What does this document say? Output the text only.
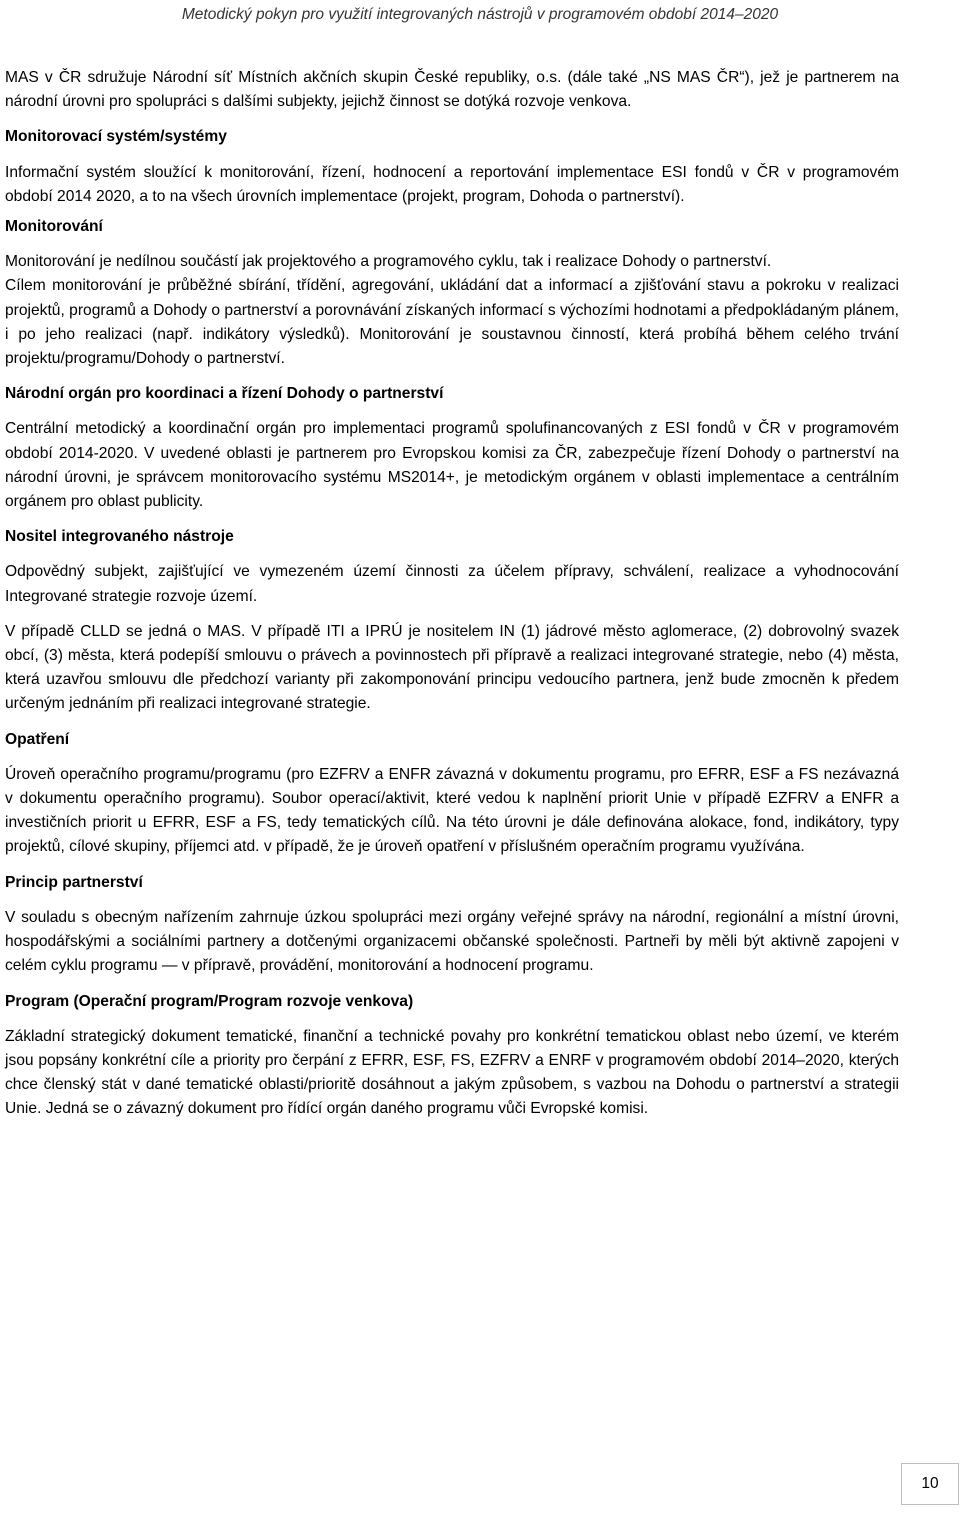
Metodický pokyn pro využití integrovaných nástrojů v programovém období 2014–2020

MAS v ČR sdružuje Národní síť Místních akčních skupin České republiky, o.s. (dále také „NS MAS ČR“), jež je partnerem na národní úrovni pro spolupráci s dalšími subjekty, jejichž činnost se dotýká rozvoje venkova.

Monitorovací systém/systémy

Informační systém sloužící k monitorování, řízení, hodnocení a reportování implementace ESI fondů v ČR v programovém období 2014 2020, a to na všech úrovních implementace (projekt, program, Dohoda o partnerství).

Monitorování

Monitorování je nedílnou součástí jak projektového a programového cyklu, tak i realizace Dohody o partnerství.

Cílem monitorování je průběžné sbírání, třídění, agregování, ukládání dat a informací a zjišťování stavu a pokroku v realizaci projektů, programů a Dohody o partnerství a porovnávání získaných informací s výchozími hodnotami a předpokládaným plánem, i po jeho realizaci (např. indikátory výsledků). Monitorování je soustavnou činností, která probíhá během celého trvání projektu/programu/Dohody o partnerství.

Národní orgán pro koordinaci a řízení Dohody o partnerství

Centrální metodický a koordinační orgán pro implementaci programů spolufinancovaných z ESI fondů v ČR v programovém období 2014-2020. V uvedené oblasti je partnerem pro Evropskou komisi za ČR, zabezpečuje řízení Dohody o partnerství na národní úrovni, je správcem monitorovacího systému MS2014+, je metodickým orgánem v oblasti implementace a centrálním orgánem pro oblast publicity.

Nositel integrovaného nástroje

Odpovědný subjekt, zajišťující ve vymezeném území činnosti za účelem přípravy, schválení, realizace a vyhodnocování Integrované strategie rozvoje území.

V případě CLLD se jedná o MAS. V případě ITI a IPRÚ je nositelem IN (1) jádrové město aglomerace, (2) dobrovolný svazek obcí, (3) města, která podepíší smlouvu o právech a povinnostech při přípravě a realizaci integrované strategie, nebo (4) města, která uzavřou smlouvu dle předchozí varianty při zakomponování principu vedoucího partnera, jenž bude zmocněn k předem určeným jednáním při realizaci integrované strategie.

Opatření

Úroveň operačního programu/programu (pro EZFRV a ENFR závazná v dokumentu programu, pro EFRR, ESF a FS nezávazná v dokumentu operačního programu). Soubor operací/aktivit, které vedou k naplnění priorit Unie v případě EZFRV a ENFR a investičních priorit u EFRR, ESF a FS, tedy tematických cílů. Na této úrovni je dále definována alokace, fond, indikátory, typy projektů, cílové skupiny, příjemci atd. v případě, že je úroveň opatření v příslušném operačním programu využívána.

Princip partnerství

V souladu s obecným nařízením zahrnuje úzkou spolupráci mezi orgány veřejné správy na národní, regionální a místní úrovni, hospodářskými a sociálními partnery a dotčenými organizacemi občanské společnosti. Partneři by měli být aktivně zapojeni v celém cyklu programu — v přípravě, provádění, monitorování a hodnocení programu.

Program (Operační program/Program rozvoje venkova)

Základní strategický dokument tematické, finanční a technické povahy pro konkrétní tematickou oblast nebo území, ve kterém jsou popsány konkrétní cíle a priority pro čerpání z EFRR, ESF, FS, EZFRV a ENRF v programovém období 2014–2020, kterých chce členský stát v dané tematické oblasti/prioritě dosáhnout a jakým způsobem, s vazbou na Dohodu o partnerství a strategii Unie. Jedná se o závazný dokument pro řídící orgán daného programu vůči Evropské komisi.

10
